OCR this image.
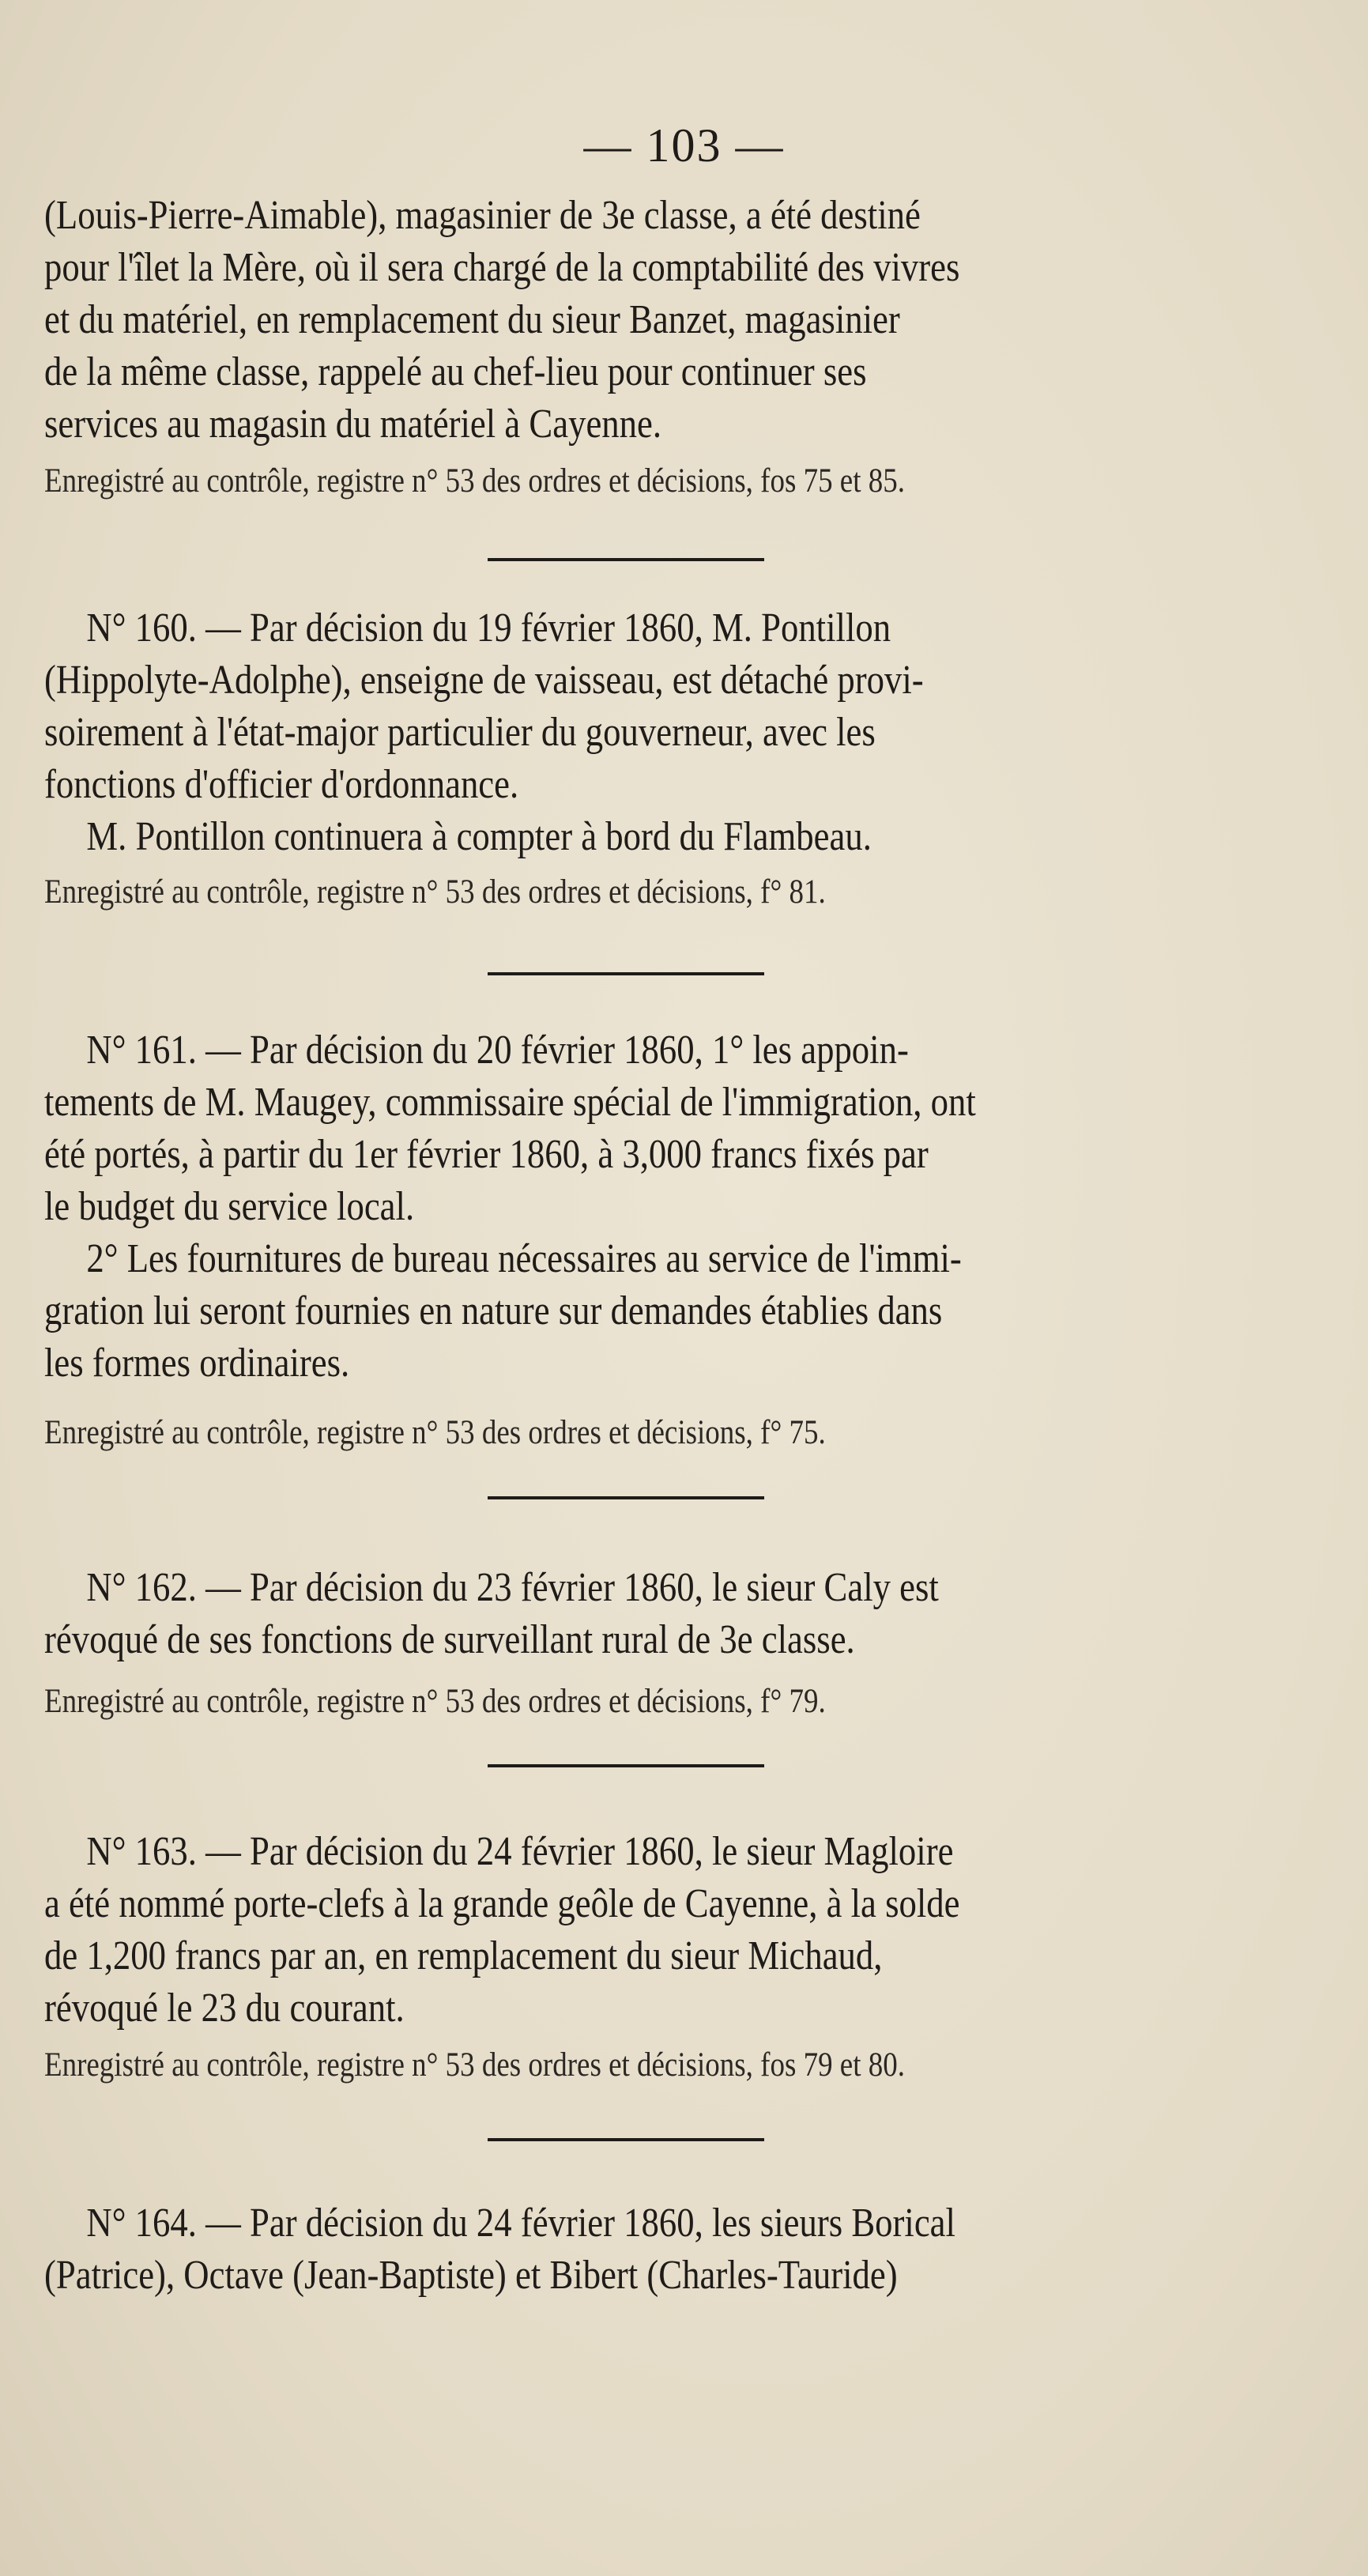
— 103 —

(Louis-Pierre-Aimable), magasinier de 3e classe, a été destiné

pour l'îlet la Mère, où il sera chargé de la comptabilité des vivres

et du matériel, en remplacement du sieur Banzet, magasinier

de la même classe, rappelé au chef-lieu pour continuer ses

services au magasin du matériel à Cayenne.

Enregistré au contrôle, registre n° 53 des ordres et décisions, fos 75 et 85.

N° 160. — Par décision du 19 février 1860, M. Pontillon

(Hippolyte-Adolphe), enseigne de vaisseau, est détaché provi-

soirement à l'état-major particulier du gouverneur, avec les

fonctions d'officier d'ordonnance.

M. Pontillon continuera à compter à bord du Flambeau.

Enregistré au contrôle, registre n° 53 des ordres et décisions, f° 81.

N° 161. — Par décision du 20 février 1860, 1° les appoin-

tements de M. Maugey, commissaire spécial de l'immigration, ont

été portés, à partir du 1er février 1860, à 3,000 francs fixés par

le budget du service local.

2° Les fournitures de bureau nécessaires au service de l'immi-

gration lui seront fournies en nature sur demandes établies dans

les formes ordinaires.

Enregistré au contrôle, registre n° 53 des ordres et décisions, f° 75.

N° 162. — Par décision du 23 février 1860, le sieur Caly est

révoqué de ses fonctions de surveillant rural de 3e classe.

Enregistré au contrôle, registre n° 53 des ordres et décisions, f° 79.

N° 163. — Par décision du 24 février 1860, le sieur Magloire

a été nommé porte-clefs à la grande geôle de Cayenne, à la solde

de 1,200 francs par an, en remplacement du sieur Michaud,

révoqué le 23 du courant.

Enregistré au contrôle, registre n° 53 des ordres et décisions, fos 79 et 80.

N° 164. — Par décision du 24 février 1860, les sieurs Borical

(Patrice), Octave (Jean-Baptiste) et Bibert (Charles-Tauride)
